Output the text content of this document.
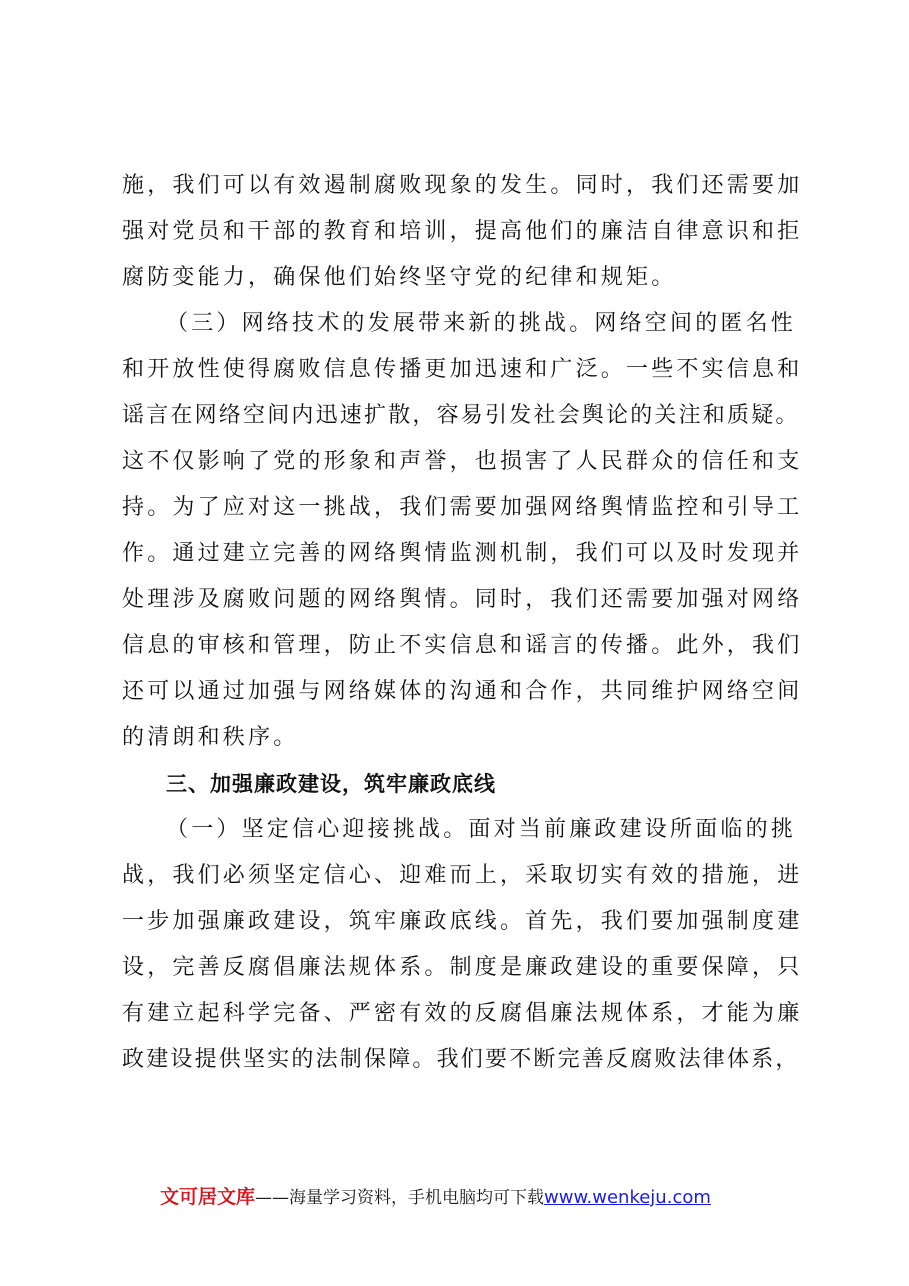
施，我们可以有效遏制腐败现象的发生。同时，我们还需要加
强对党员和干部的教育和培训，提高他们的廉洁自律意识和拒
腐防变能力，确保他们始终坚守党的纪律和规矩。
（三）网络技术的发展带来新的挑战。网络空间的匿名性
和开放性使得腐败信息传播更加迅速和广泛。一些不实信息和
谣言在网络空间内迅速扩散，容易引发社会舆论的关注和质疑。
这不仅影响了党的形象和声誉，也损害了人民群众的信任和支
持。为了应对这一挑战，我们需要加强网络舆情监控和引导工
作。通过建立完善的网络舆情监测机制，我们可以及时发现并
处理涉及腐败问题的网络舆情。同时，我们还需要加强对网络
信息的审核和管理，防止不实信息和谣言的传播。此外，我们
还可以通过加强与网络媒体的沟通和合作，共同维护网络空间
的清朗和秩序。
三、加强廉政建设，筑牢廉政底线
（一）坚定信心迎接挑战。面对当前廉政建设所面临的挑
战，我们必须坚定信心、迎难而上，采取切实有效的措施，进
一步加强廉政建设，筑牢廉政底线。首先，我们要加强制度建
设，完善反腐倡廉法规体系。制度是廉政建设的重要保障，只
有建立起科学完备、严密有效的反腐倡廉法规体系，才能为廉
政建设提供坚实的法制保障。我们要不断完善反腐败法律体系，
文可居文库——海量学习资料，手机电脑均可下载www.wenkeju.com
